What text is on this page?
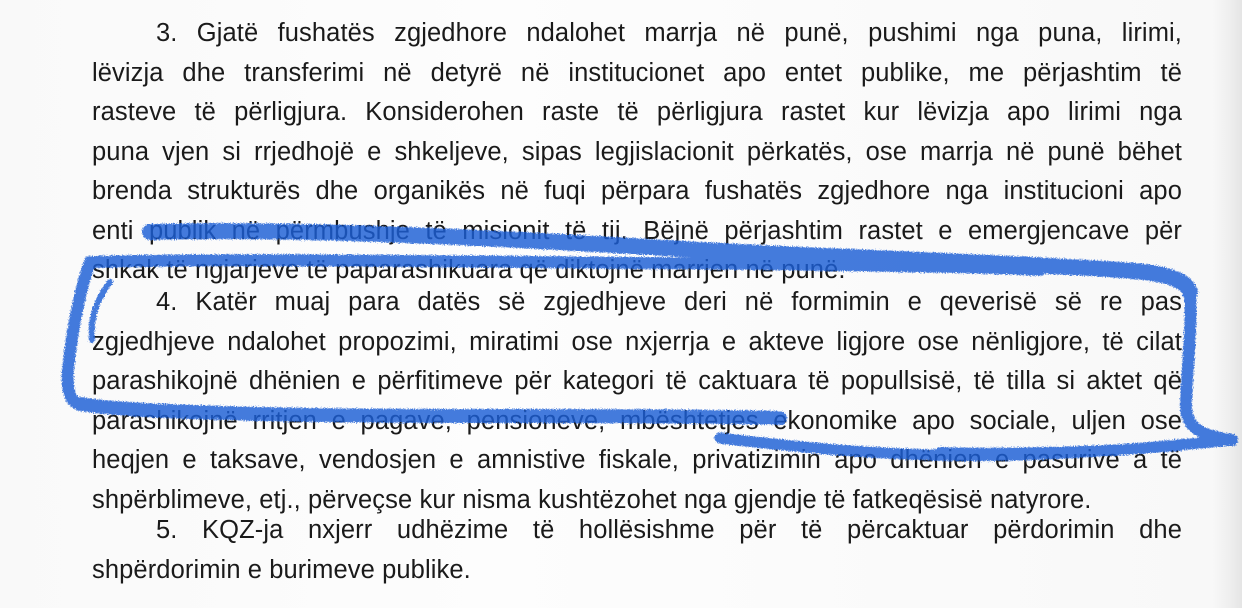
3. Gjatë fushatës zgjedhore ndalohet marrja në punë, pushimi nga puna, lirimi,
lëvizja dhe transferimi në detyrë në institucionet apo entet publike, me përjashtim të
rasteve të përligjura. Konsiderohen raste të përligjura rastet kur lëvizja apo lirimi nga
puna vjen si rrjedhojë e shkeljeve, sipas legjislacionit përkatës, ose marrja në punë bëhet
brenda strukturës dhe organikës në fuqi përpara fushatës zgjedhore nga institucioni apo
enti publik në përmbushje të misionit të tij. Bëjnë përjashtim rastet e emergjencave për
shkak të ngjarjeve të paparashikuara që diktojnë marrjen në punë.
4. Katër muaj para datës së zgjedhjeve deri në formimin e qeverisë së re pas
zgjedhjeve ndalohet propozimi, miratimi ose nxjerrja e akteve ligjore ose nënligjore, të cilat
parashikojnë dhënien e përfitimeve për kategori të caktuara të popullsisë, të tilla si aktet që
parashikojnë rritjen e pagave, pensioneve, mbështetjes ekonomike apo sociale, uljen ose
heqjen e taksave, vendosjen e amnistive fiskale, privatizimin apo dhënien e pasurive a të
shpërblimeve, etj., përveçse kur nisma kushtëzohet nga gjendje të fatkeqësisë natyrore.
5. KQZ-ja nxjerr udhëzime të hollësishme për të përcaktuar përdorimin dhe
shpërdorimin e burimeve publike.
